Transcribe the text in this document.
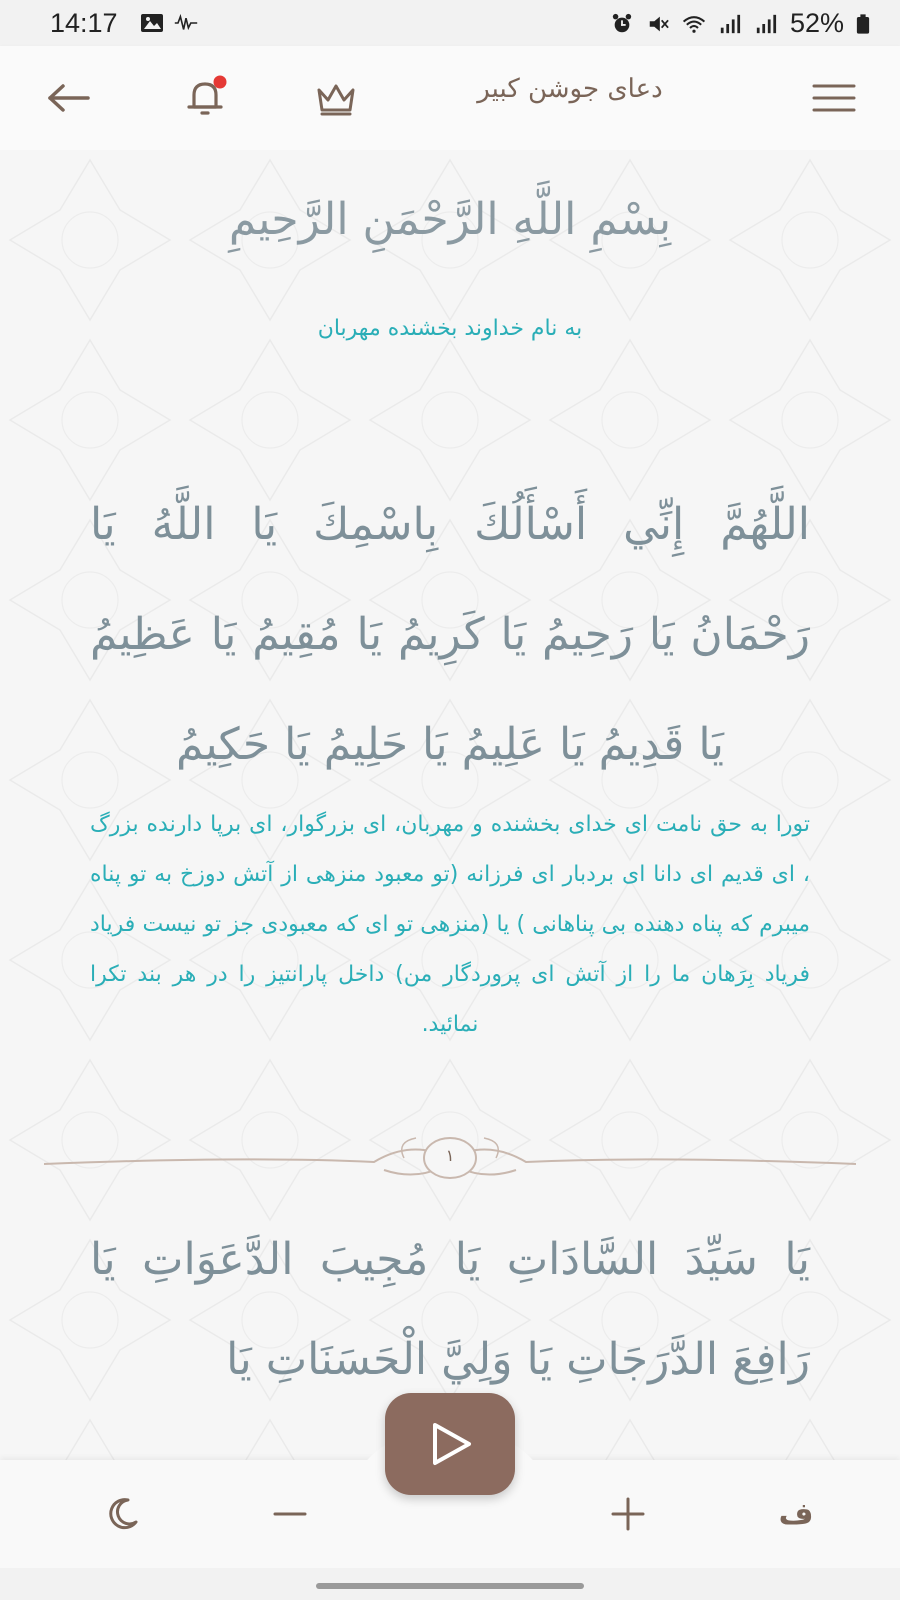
14:17	52%
دعای جوشن کبیر
بِسْمِ اللَّهِ الرَّحْمَنِ الرَّحِيمِ
به نام خداوند بخشنده مهربان
اللَّهُمَّ إِنِّي أَسْأَلُكَ بِاسْمِكَ يَا اللَّهُ يَا رَحْمَانُ يَا رَحِيمُ يَا كَرِيمُ يَا مُقِيمُ يَا عَظِيمُ يَا قَدِيمُ يَا عَلِيمُ يَا حَلِيمُ يَا حَكِيمُ
تورا به حق نامت ای خدای بخشنده و مهربان، ای بزرگوار، ای برپا دارنده بزرگ ، ای قدیم ای دانا ای بردبار ای فرزانه (تو معبود منزهی از آتش دوزخ به تو پناه میبرم که پناه دهنده بی پناهانی ) یا (منزهی تو ای که معبودی جز تو نیست فریاد فریاد بِرَهان ما را از آتش ای پروردگار من) داخل پارانتیز را در هر بند تکرا نمائید.
١
يَا سَيِّدَ السَّادَاتِ يَا مُجِيبَ الدَّعَوَاتِ يَا رَافِعَ الدَّرَجَاتِ يَا وَلِيَّ الْحَسَنَاتِ يَا
ف
